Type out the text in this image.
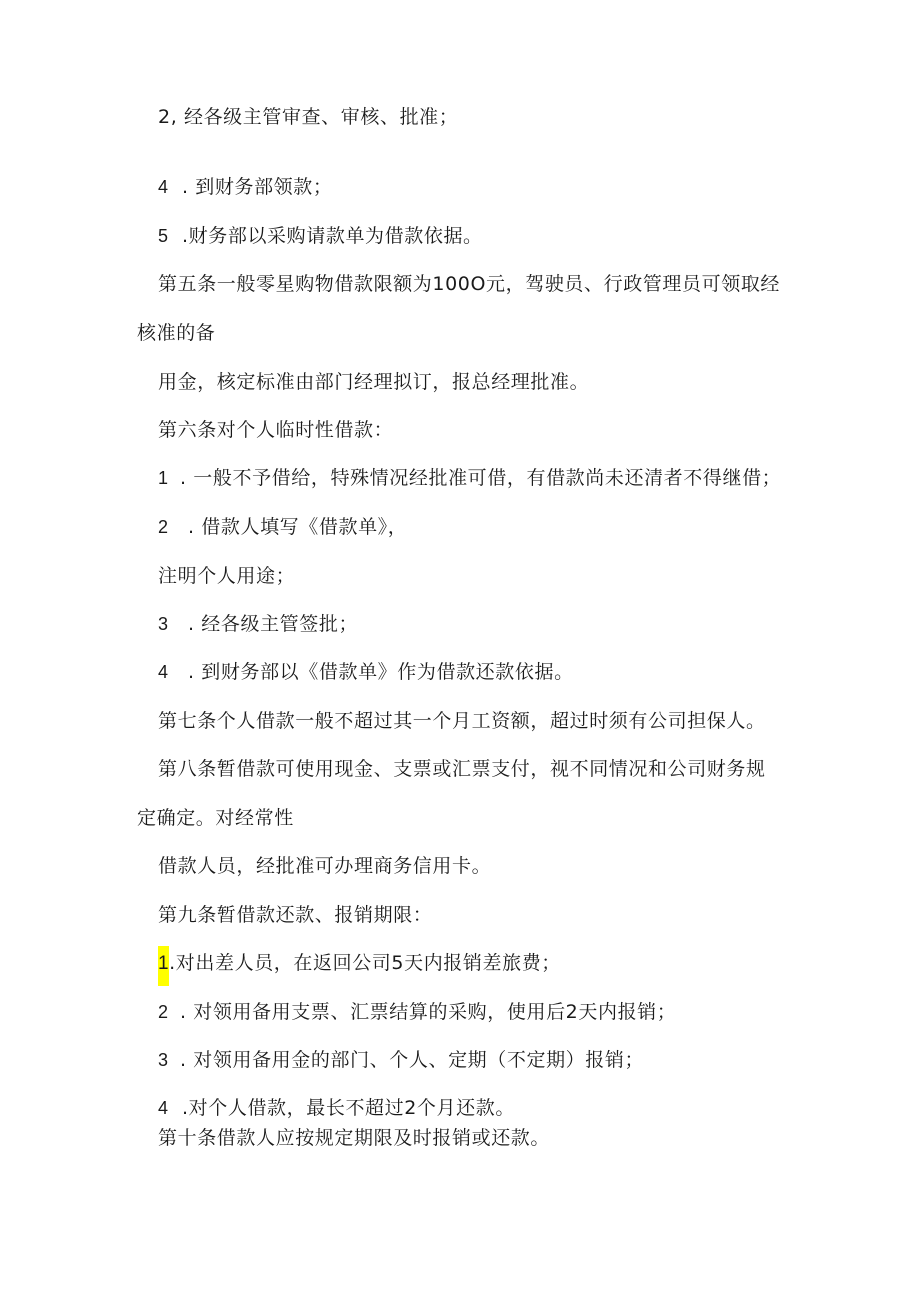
2, 经各级主管审查、审核、批准；
4 . 到财务部领款；
5 .财务部以采购请款单为借款依据。
第五条一般零星购物借款限额为100O元，驾驶员、行政管理员可领取经
核准的备
用金，核定标准由部门经理拟订，报总经理批准。
第六条对个人临时性借款：
1 . 一般不予借给，特殊情况经批准可借，有借款尚未还清者不得继借；
2 . 借款人填写《借款单》，
注明个人用途；
3 . 经各级主管签批；
4 . 到财务部以《借款单》作为借款还款依据。
第七条个人借款一般不超过其一个月工资额，超过时须有公司担保人。
第八条暂借款可使用现金、支票或汇票支付，视不同情况和公司财务规
定确定。对经常性
借款人员，经批准可办理商务信用卡。
第九条暂借款还款、报销期限：
1.对出差人员，在返回公司5天内报销差旅费；
2 . 对领用备用支票、汇票结算的采购，使用后2天内报销；
3 . 对领用备用金的部门、个人、定期（不定期）报销；
4 .对个人借款，最长不超过2个月还款。
第十条借款人应按规定期限及时报销或还款。
